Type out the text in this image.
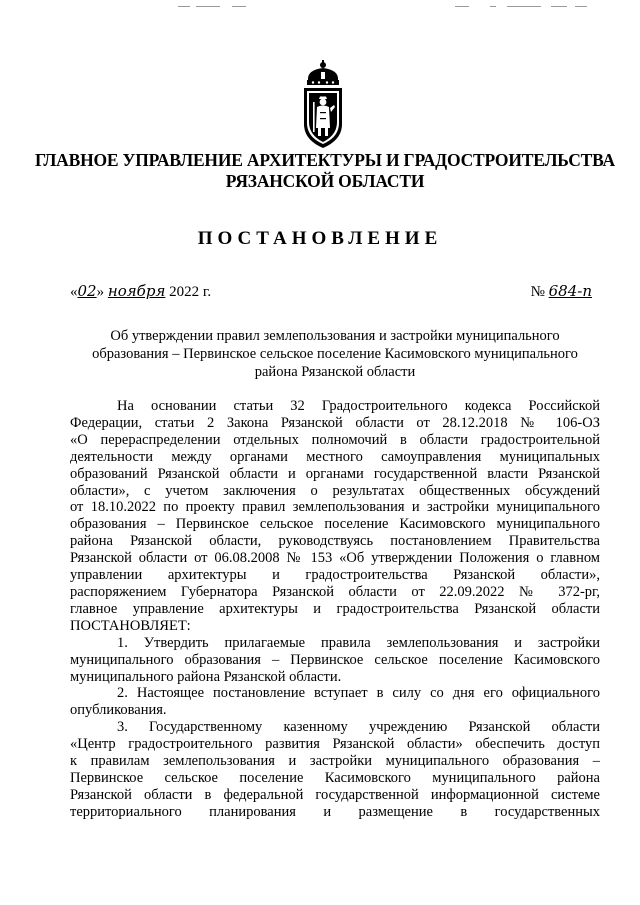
ГЛАВНОЕ УПРАВЛЕНИЕ АРХИТЕКТУРЫ И ГРАДОСТРОИТЕЛЬСТВА
РЯЗАНСКОЙ ОБЛАСТИ
ПОСТАНОВЛЕНИЕ
«02» ноября 2022 г.	№ 684-п
Об утверждении правил землепользования и застройки муниципального
образования – Первинское сельское поселение Касимовского муниципального
района Рязанской области
На основании статьи 32 Градостроительного кодекса Российской
Федерации, статьи 2 Закона Рязанской области от 28.12.2018 № 106-ОЗ
«О перераспределении отдельных полномочий в области градостроительной
деятельности между органами местного самоуправления муниципальных
образований Рязанской области и органами государственной власти Рязанской
области», с учетом заключения о результатах общественных обсуждений
от 18.10.2022 по проекту правил землепользования и застройки муниципального
образования – Первинское сельское поселение Касимовского муниципального
района Рязанской области, руководствуясь постановлением Правительства
Рязанской области от 06.08.2008 № 153 «Об утверждении Положения о главном
управлении архитектуры и градостроительства Рязанской области»,
распоряжением Губернатора Рязанской области от 22.09.2022 № 372-рг,
главное управление архитектуры и градостроительства Рязанской области
ПОСТАНОВЛЯЕТ:
1. Утвердить прилагаемые правила землепользования и застройки
муниципального образования – Первинское сельское поселение Касимовского
муниципального района Рязанской области.
2. Настоящее постановление вступает в силу со дня его официального
опубликования.
3. Государственному казенному учреждению Рязанской области
«Центр градостроительного развития Рязанской области» обеспечить доступ
к правилам землепользования и застройки муниципального образования –
Первинское сельское поселение Касимовского муниципального района
Рязанской области в федеральной государственной информационной системе
территориального планирования и размещение в государственных
